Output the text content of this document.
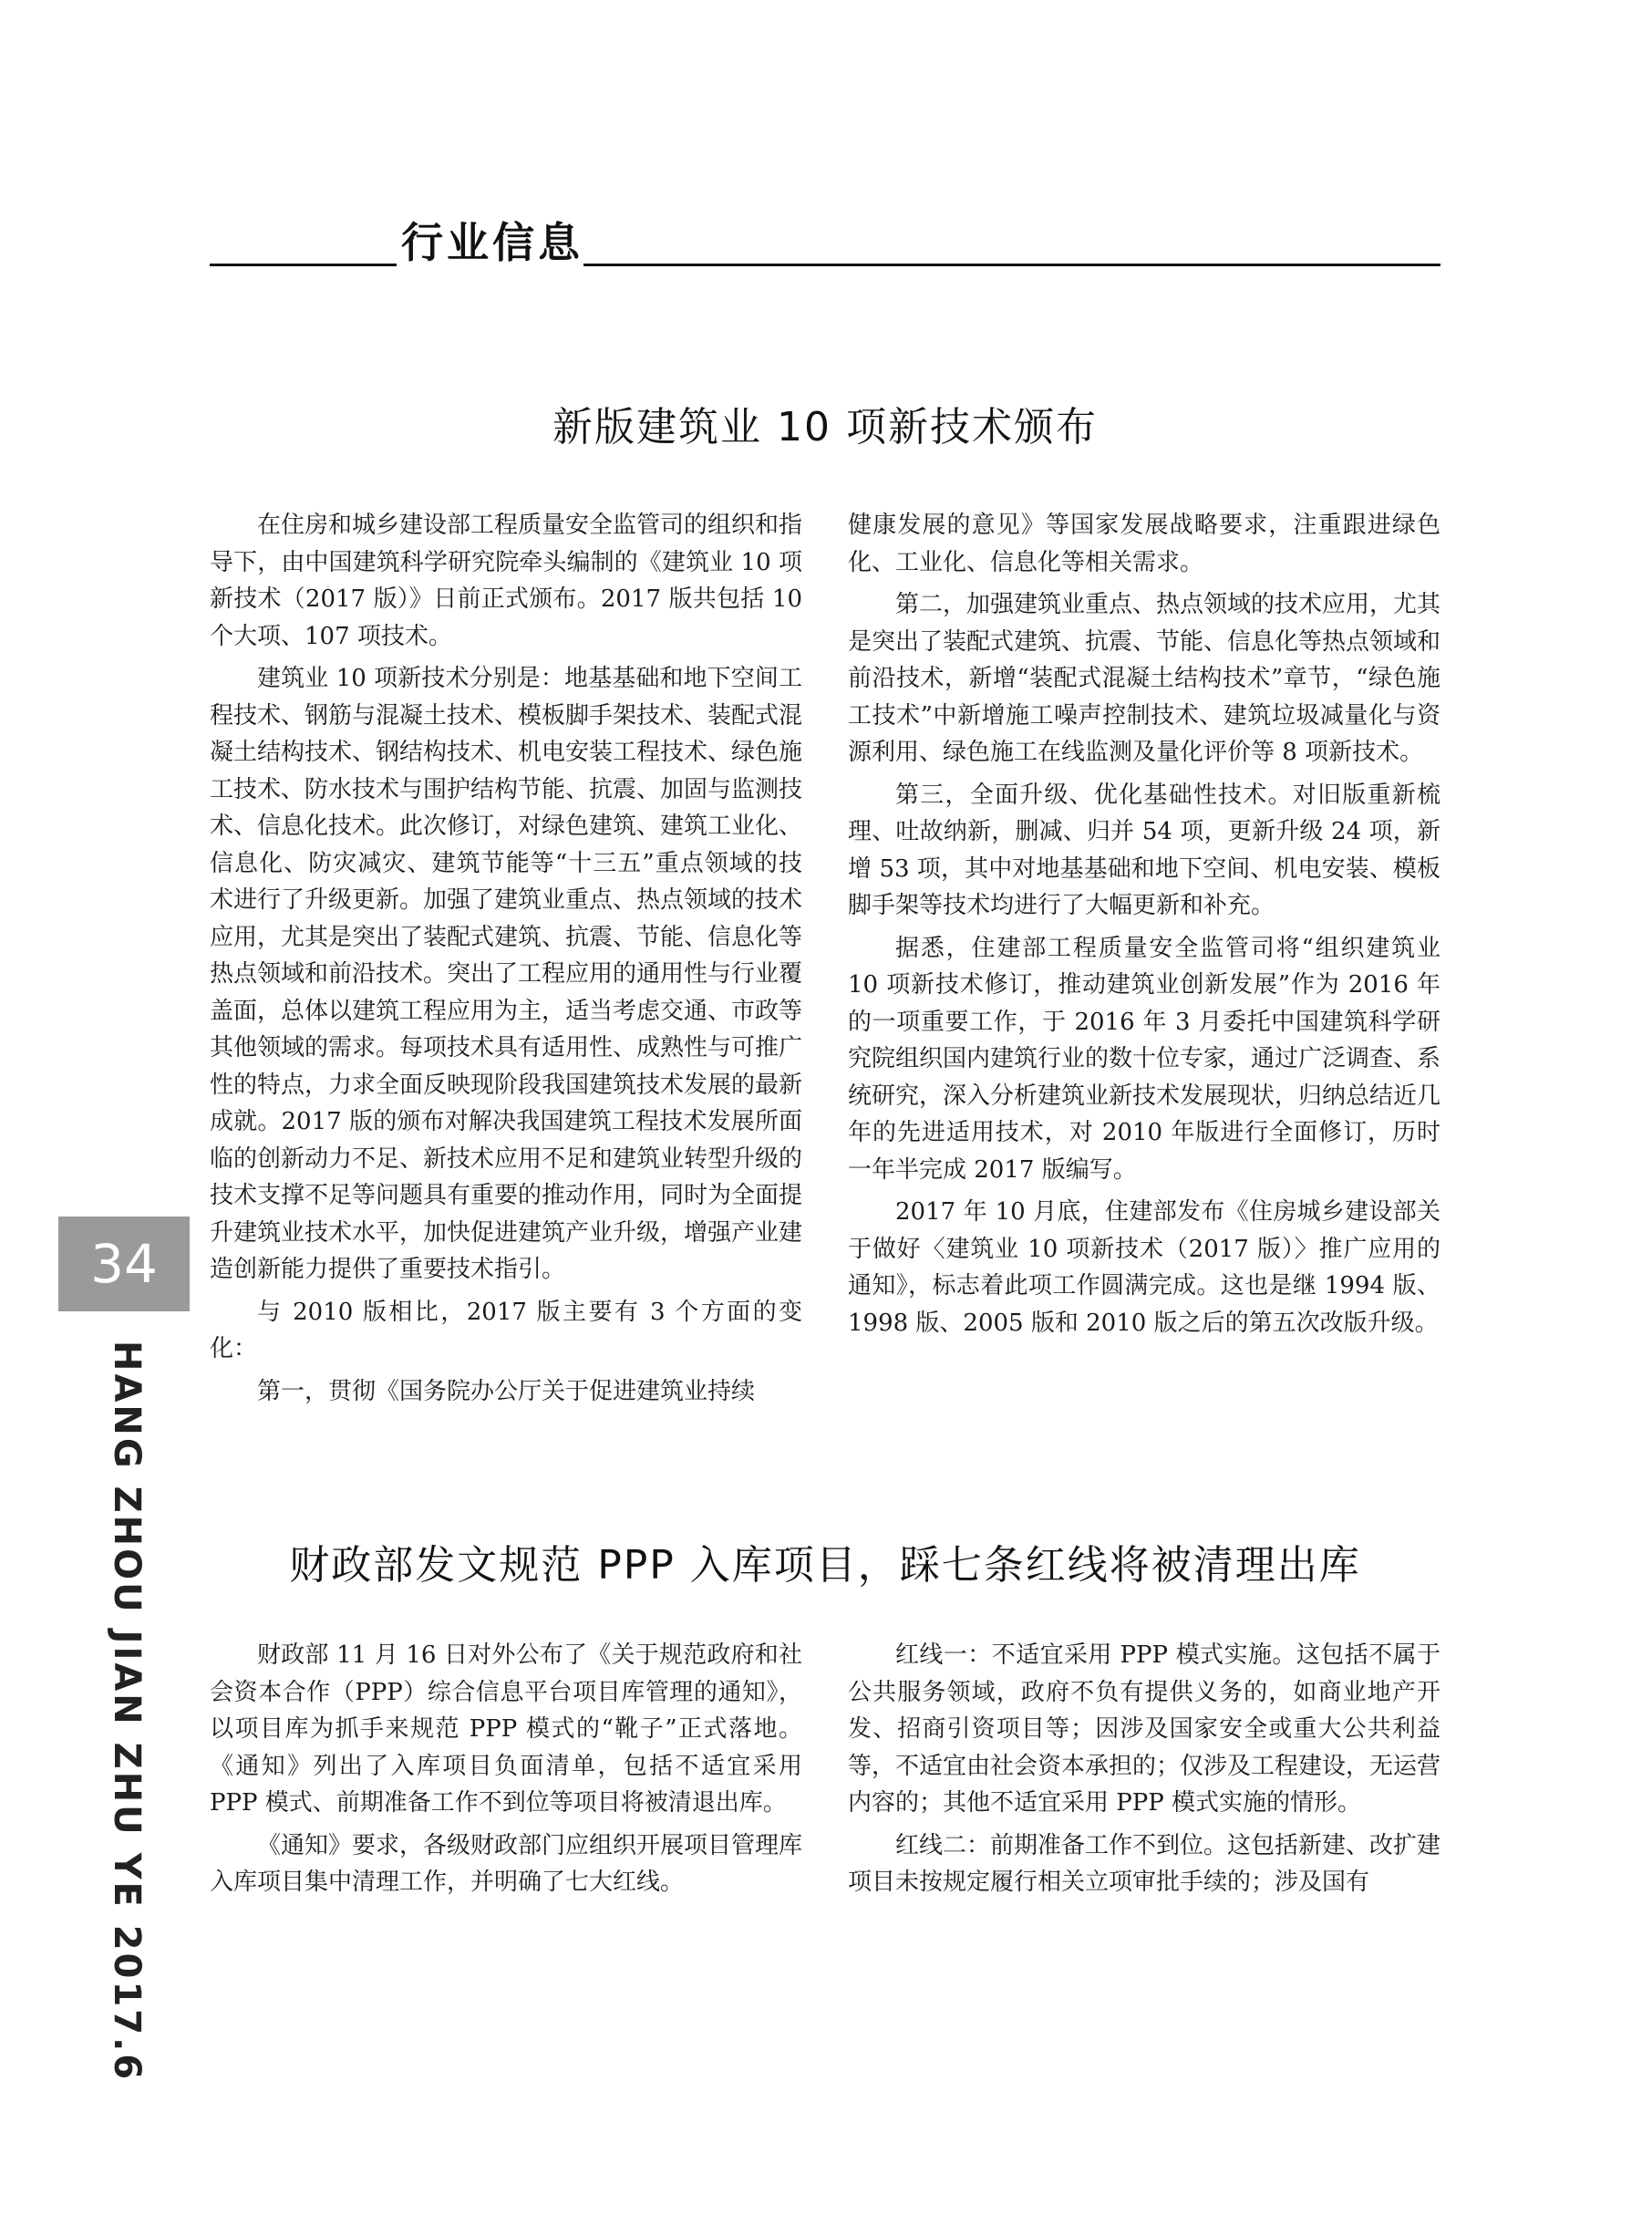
行业信息
新版建筑业 10 项新技术颁布

在住房和城乡建设部工程质量安全监管司的组织和指导下，由中国建筑科学研究院牵头编制的《建筑业 10 项新技术（2017 版）》日前正式颁布。2017 版共包括 10 个大项、107 项技术。

建筑业 10 项新技术分别是：地基基础和地下空间工程技术、钢筋与混凝土技术、模板脚手架技术、装配式混凝土结构技术、钢结构技术、机电安装工程技术、绿色施工技术、防水技术与围护结构节能、抗震、加固与监测技术、信息化技术。此次修订，对绿色建筑、建筑工业化、信息化、防灾减灾、建筑节能等“十三五”重点领域的技术进行了升级更新。加强了建筑业重点、热点领域的技术应用，尤其是突出了装配式建筑、抗震、节能、信息化等热点领域和前沿技术。突出了工程应用的通用性与行业覆盖面，总体以建筑工程应用为主，适当考虑交通、市政等其他领域的需求。每项技术具有适用性、成熟性与可推广性的特点，力求全面反映现阶段我国建筑技术发展的最新成就。2017 版的颁布对解决我国建筑工程技术发展所面临的创新动力不足、新技术应用不足和建筑业转型升级的技术支撑不足等问题具有重要的推动作用，同时为全面提升建筑业技术水平，加快促进建筑产业升级，增强产业建造创新能力提供了重要技术指引。

与 2010 版相比，2017 版主要有 3 个方面的变化：

第一，贯彻《国务院办公厅关于促进建筑业持续

健康发展的意见》等国家发展战略要求，注重跟进绿色化、工业化、信息化等相关需求。

第二，加强建筑业重点、热点领域的技术应用，尤其是突出了装配式建筑、抗震、节能、信息化等热点领域和前沿技术，新增“装配式混凝土结构技术”章节，“绿色施工技术”中新增施工噪声控制技术、建筑垃圾减量化与资源利用、绿色施工在线监测及量化评价等 8 项新技术。

第三，全面升级、优化基础性技术。对旧版重新梳理、吐故纳新，删减、归并 54 项，更新升级 24 项，新增 53 项，其中对地基基础和地下空间、机电安装、模板脚手架等技术均进行了大幅更新和补充。

据悉，住建部工程质量安全监管司将“组织建筑业 10 项新技术修订，推动建筑业创新发展”作为 2016 年的一项重要工作，于 2016 年 3 月委托中国建筑科学研究院组织国内建筑行业的数十位专家，通过广泛调查、系统研究，深入分析建筑业新技术发展现状，归纳总结近几年的先进适用技术，对 2010 年版进行全面修订，历时一年半完成 2017 版编写。

2017 年 10 月底，住建部发布《住房城乡建设部关于做好〈建筑业 10 项新技术（2017 版）〉推广应用的通知》，标志着此项工作圆满完成。这也是继 1994 版、1998 版、2005 版和 2010 版之后的第五次改版升级。

34
HANG ZHOU JIAN ZHU YE 2017.6	财政部发文规范 PPP 入库项目，踩七条红线将被清理出库

财政部 11 月 16 日对外公布了《关于规范政府和社会资本合作（PPP）综合信息平台项目库管理的通知》，以项目库为抓手来规范 PPP 模式的“靴子”正式落地。《通知》列出了入库项目负面清单，包括不适宜采用 PPP 模式、前期准备工作不到位等项目将被清退出库。

《通知》要求，各级财政部门应组织开展项目管理库入库项目集中清理工作，并明确了七大红线。

红线一：不适宜采用 PPP 模式实施。这包括不属于公共服务领域，政府不负有提供义务的，如商业地产开发、招商引资项目等；因涉及国家安全或重大公共利益等，不适宜由社会资本承担的；仅涉及工程建设，无运营内容的；其他不适宜采用 PPP 模式实施的情形。

红线二：前期准备工作不到位。这包括新建、改扩建项目未按规定履行相关立项审批手续的；涉及国有
